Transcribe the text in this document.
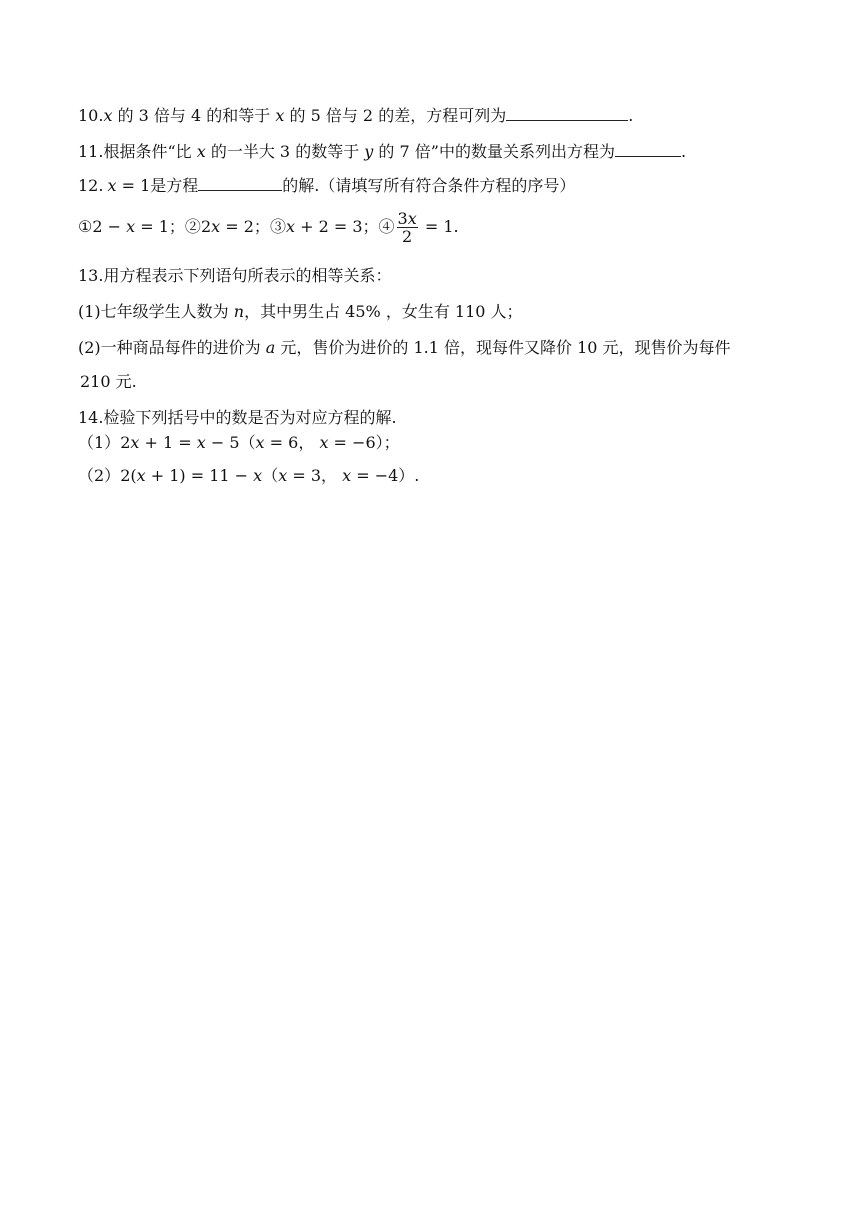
10.x 的 3 倍与 4 的和等于 x 的 5 倍与 2 的差，方程可列为	.
11.根据条件“比 x 的一半大 3 的数等于 y 的 7 倍”中的数量关系列出方程为	.
12. x = 1是方程	的解.（请填写所有符合条件方程的序号）
①2 − x = 1；②2x = 2；③x + 2 = 3；④ $\frac{3x}{2} = 1$.
13.用方程表示下列语句所表示的相等关系：
(1)七年级学生人数为 n，其中男生占 45% ，女生有 110 人；
(2)一种商品每件的进价为 a 元，售价为进价的 1.1 倍，现每件又降价 10 元，现售价为每件
210 元.
14.检验下列括号中的数是否为对应方程的解.
（1）2x + 1 = x − 5（x = 6， x = −6）；
（2）2(x + 1) = 11 − x（x = 3， x = −4）.
